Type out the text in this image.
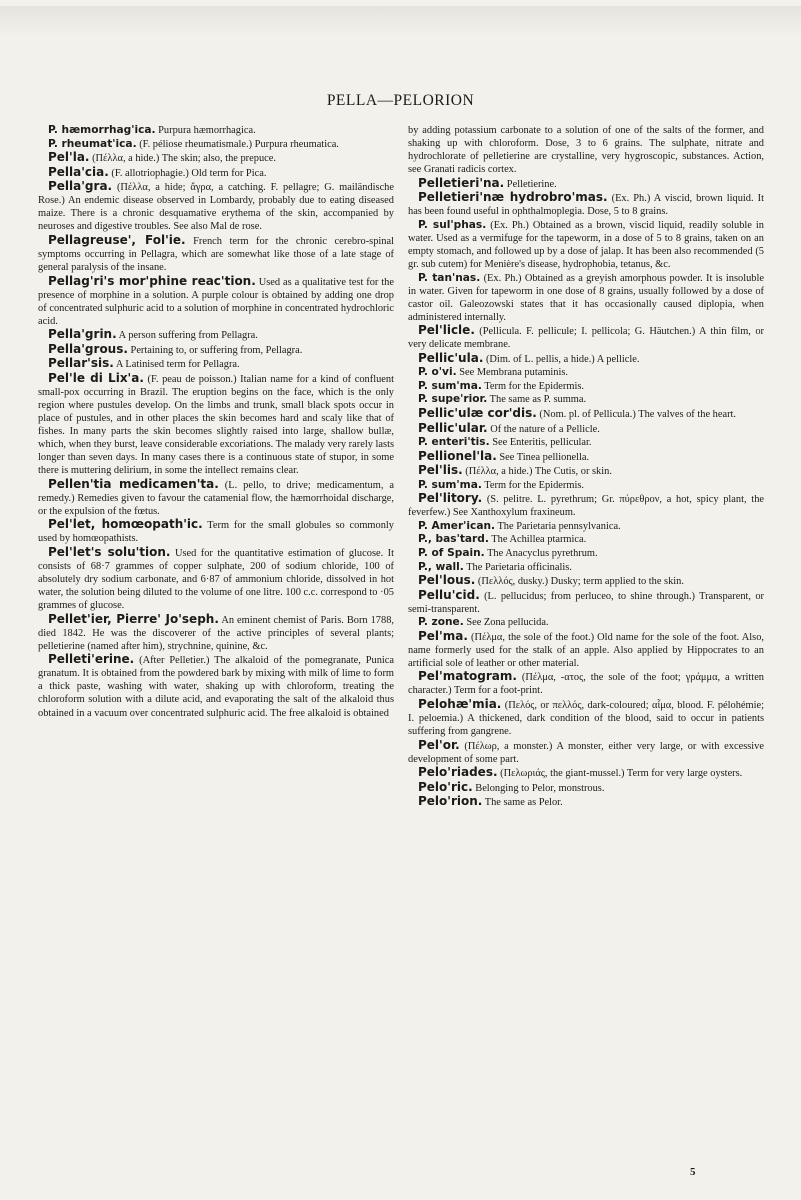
PELLA—PELORION

P. hæmorrhag'ica. Purpura hæmorrhagica.

P. rheumat'ica. (F. péliose rheumatismale.) Purpura rheumatica.

Pel'la. (Πέλλα, a hide.) The skin; also, the prepuce.

Pella'cia. (F. allotriophagie.) Old term for Pica.

Pella'gra. (Πέλλα, a hide; ἄγρα, a catching. F. pellagre; G. mailändische Rose.) An endemic disease observed in Lombardy, probably due to eating diseased maize. There is a chronic desquamative erythema of the skin, accompanied by neuroses and digestive troubles. See also Mal de rose.

Pellagreuse', Fol'ie. French term for the chronic cerebro-spinal symptoms occurring in Pellagra, which are somewhat like those of a late stage of general paralysis of the insane.

Pellag'ri's mor'phine reac'tion. Used as a qualitative test for the presence of morphine in a solution. A purple colour is obtained by adding one drop of concentrated sulphuric acid to a solution of morphine in concentrated hydrochloric acid.

Pella'grin. A person suffering from Pellagra.

Pella'grous. Pertaining to, or suffering from, Pellagra.

Pellar'sis. A Latinised term for Pellagra.

Pel'le di Lix'a. (F. peau de poisson.) Italian name for a kind of confluent small-pox occurring in Brazil. The eruption begins on the face, which is the only region where pustules develop. On the limbs and trunk, small black spots occur in place of pustules, and in other places the skin becomes hard and scaly like that of fishes. In many parts the skin becomes slightly raised into large, shallow bullæ, which, when they burst, leave considerable excoriations. The malady very rarely lasts longer than seven days. In many cases there is a continuous state of stupor, in some there is muttering delirium, in some the intellect remains clear.

Pellen'tia medicamen'ta. (L. pello, to drive; medicamentum, a remedy.) Remedies given to favour the catamenial flow, the hæmorrhoidal discharge, or the expulsion of the fœtus.

Pel'let, homœopath'ic. Term for the small globules so commonly used by homœopathists.

Pel'let's solu'tion. Used for the quantitative estimation of glucose. It consists of 68·7 grammes of copper sulphate, 200 of sodium chloride, 100 of absolutely dry sodium carbonate, and 6·87 of ammonium chloride, dissolved in hot water, the solution being diluted to the volume of one litre. 100 c.c. correspond to ·05 grammes of glucose.

Pellet'ier, Pierre' Jo'seph. An eminent chemist of Paris. Born 1788, died 1842. He was the discoverer of the active principles of several plants; pelletierine (named after him), strychnine, quinine, &c.

Pelleti'erine. (After Pelletier.) The alkaloid of the pomegranate, Punica granatum. It is obtained from the powdered bark by mixing with milk of lime to form a thick paste, washing with water, shaking up with chloroform, treating the chloroform solution with a dilute acid, and evaporating the salt of the alkaloid thus obtained in a vacuum over concentrated sulphuric acid. The free alkaloid is obtained

by adding potassium carbonate to a solution of one of the salts of the former, and shaking up with chloroform. Dose, 3 to 6 grains. The sulphate, nitrate and hydrochlorate of pelletierine are crystalline, very hygroscopic, substances. Action, see Granati radicis cortex.

Pelletieri'na. Pelletierine.

Pelletieri'næ hydrobro'mas. (Ex. Ph.) A viscid, brown liquid. It has been found useful in ophthalmoplegia. Dose, 5 to 8 grains.

P. sul'phas. (Ex. Ph.) Obtained as a brown, viscid liquid, readily soluble in water. Used as a vermifuge for the tapeworm, in a dose of 5 to 8 grains, taken on an empty stomach, and followed up by a dose of jalap. It has been also recommended (5 gr. sub cutem) for Menière's disease, hydrophobia, tetanus, &c.

P. tan'nas. (Ex. Ph.) Obtained as a greyish amorphous powder. It is insoluble in water. Given for tapeworm in one dose of 8 grains, usually followed by a dose of castor oil. Galeozowski states that it has occasionally caused diplopia, when administered internally.

Pel'licle. (Pellicula. F. pellicule; I. pellicola; G. Häutchen.) A thin film, or very delicate membrane.

Pellic'ula. (Dim. of L. pellis, a hide.) A pellicle.

P. o'vi. See Membrana putaminis.

P. sum'ma. Term for the Epidermis.

P. supe'rior. The same as P. summa.

Pellic'ulæ cor'dis. (Nom. pl. of Pellicula.) The valves of the heart.

Pellic'ular. Of the nature of a Pellicle.

P. enteri'tis. See Enteritis, pellicular.

Pellionel'la. See Tinea pellionella.

Pel'lis. (Πέλλα, a hide.) The Cutis, or skin.

P. sum'ma. Term for the Epidermis.

Pel'litory. (S. pelitre. L. pyrethrum; Gr. πύρεθρον, a hot, spicy plant, the feverfew.) See Xanthoxylum fraxineum.

P. Amer'ican. The Parietaria pennsylvanica.

P., bas'tard. The Achillea ptarmica.

P. of Spain. The Anacyclus pyrethrum.

P., wall. The Parietaria officinalis.

Pel'lous. (Πελλός, dusky.) Dusky; term applied to the skin.

Pellu'cid. (L. pellucidus; from perluceo, to shine through.) Transparent, or semi-transparent.

P. zone. See Zona pellucida.

Pel'ma. (Πέλμα, the sole of the foot.) Old name for the sole of the foot. Also, name formerly used for the stalk of an apple. Also applied by Hippocrates to an artificial sole of leather or other material.

Pel'matogram. (Πέλμα, -ατος, the sole of the foot; γράμμα, a written character.) Term for a foot-print.

Pelohæ'mia. (Πελός, or πελλός, dark-coloured; αἷμα, blood. F. pélohémie; I. peloemia.) A thickened, dark condition of the blood, said to occur in patients suffering from gangrene.

Pel'or. (Πέλωρ, a monster.) A monster, either very large, or with excessive development of some part.

Pelo'riades. (Πελωριάς, the giant-mussel.) Term for very large oysters.

Pelo'ric. Belonging to Pelor, monstrous.

Pelo'rion. The same as Pelor.

5
